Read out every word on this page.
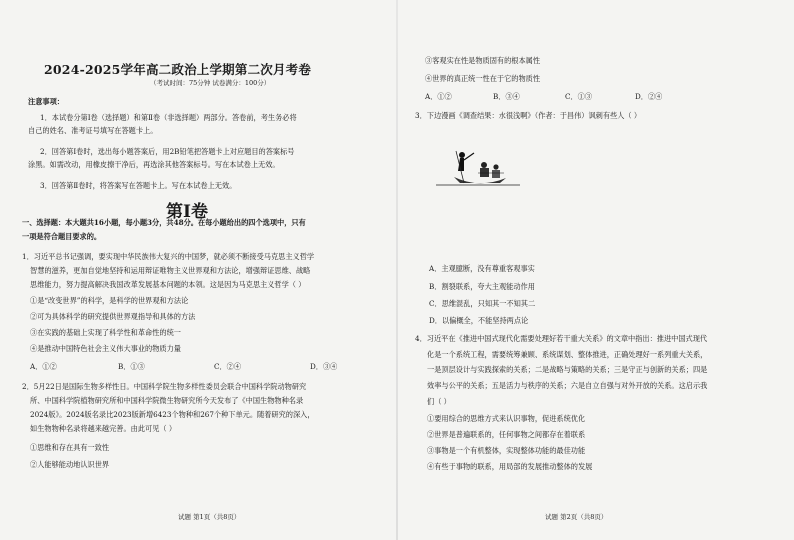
2024-2025学年高二政治上学期第二次月考卷
（考试时间：75分钟 试卷满分：100分）
注意事项：
1．本试卷分第Ⅰ卷（选择题）和第Ⅱ卷（非选择题）两部分。答卷前，考生务必将
自己的姓名、准考证号填写在答题卡上。
2．回答第Ⅰ卷时，选出每小题答案后，用2B铅笔把答题卡上对应题目的答案标号
涂黑。如需改动，用橡皮擦干净后，再选涂其他答案标号。写在本试卷上无效。
3．回答第Ⅱ卷时，将答案写在答题卡上。写在本试卷上无效。
第Ⅰ卷
一、选择题：本大题共16小题，每小题3分，共48分。在每小题给出的四个选项中，只有
一项是符合题目要求的。
1．习近平总书记强调，要实现中华民族伟大复兴的中国梦，就必须不断接受马克思主义哲学
智慧的滋养，更加自觉地坚持和运用辩证唯物主义世界观和方法论，增强辩证思维、战略
思维能力，努力提高解决我国改革发展基本问题的本领。这是因为马克思主义哲学（ ）
①是“改变世界”的科学，是科学的世界观和方法论
②可为具体科学的研究提供世界观指导和具体的方法
③在实践的基础上实现了科学性和革命性的统一
④是推动中国特色社会主义伟大事业的物质力量
A．①②	B．①③	C．②④	D．③④
2．5月22日是国际生物多样性日。中国科学院生物多样性委员会联合中国科学院动物研究
所、中国科学院植物研究所和中国科学院微生物研究所今天发布了《中国生物物种名录
2024版》。2024版名录比2023版新增6423个物种和267个种下单元。随着研究的深入，
如生物物种名录将越来越完善。由此可见（ ）
①思维和存在具有一致性
②人能够能动地认识世界
试题 第1页（共8页）
③客观实在性是物质固有的根本属性
④世界的真正统一性在于它的物质性
A．①②	B．③④	C．①③	D．②④
3．下边漫画《调查结果：水很浅啊》（作者：于昌伟）讽刺有些人（ ）
A．主观臆断，没有尊重客观事实
B．割裂联系，夸大主观能动作用
C．思维混乱，只知其一不知其二
D．以偏概全，不能坚持两点论
4．习近平在《推进中国式现代化需要处理好若干重大关系》的文章中指出：推进中国式现代
化是一个系统工程，需要统筹兼顾、系统谋划、整体推进，正确处理好一系列重大关系，
一是顶层设计与实践探索的关系；二是战略与策略的关系；三是守正与创新的关系；四是
效率与公平的关系；五是活力与秩序的关系；六是自立自强与对外开放的关系。这启示我
们（ ）
①要用综合的思维方式来认识事物，促进系统优化
②世界是普遍联系的，任何事物之间都存在着联系
③事物是一个有机整体，实现整体功能的最佳功能
④有些于事物的联系，用局部的发展推动整体的发展
试题 第2页（共8页）
